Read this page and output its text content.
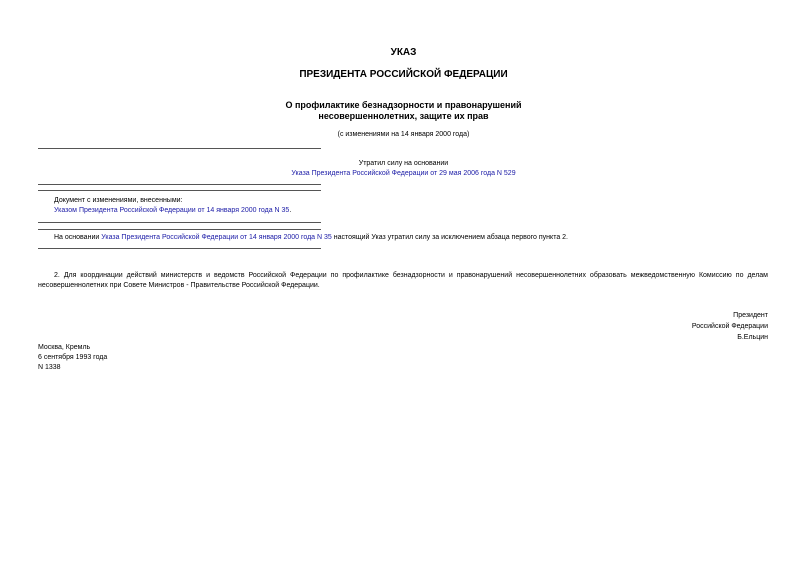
УКАЗ
ПРЕЗИДЕНТА РОССИЙСКОЙ ФЕДЕРАЦИИ
О профилактике безнадзорности и правонарушений
несовершеннолетних, защите их прав
(с изменениями на 14 января 2000 года)
Утратил силу на основании
Указа Президента Российской Федерации от 29 мая 2006 года N 529
Документ с изменениями, внесенными:
Указом Президента Российской Федерации от 14 января 2000 года N 35.
На основании Указа Президента Российской Федерации от 14 января 2000 года N 35 настоящий Указ утратил силу за исключением абзаца первого пункта 2.
2. Для координации действий министерств и ведомств Российской Федерации по профилактике безнадзорности и правонарушений несовершеннолетних образовать межведомственную Комиссию по делам несовершеннолетних при Совете Министров - Правительстве Российской Федерации.
Президент
Российской Федерации
Б.Ельцин
Москва, Кремль
6 сентября 1993 года
N 1338
